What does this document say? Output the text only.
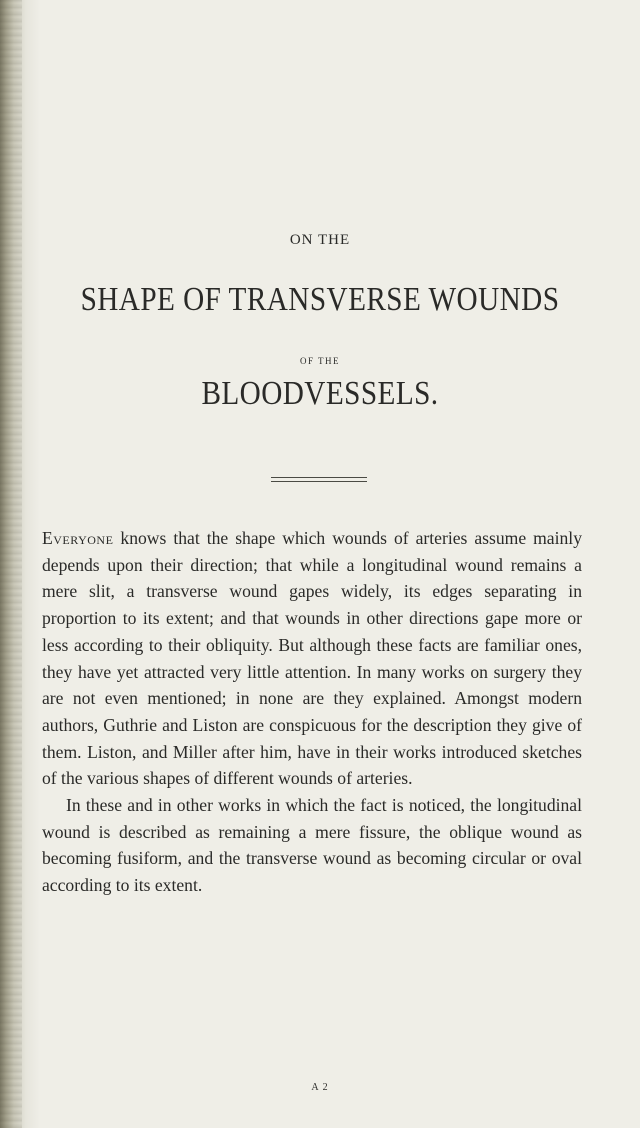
ON THE
SHAPE OF TRANSVERSE WOUNDS
OF THE
BLOODVESSELS.

Everyone knows that the shape which wounds of arteries assume mainly depends upon their direction; that while a longitudinal wound remains a mere slit, a transverse wound gapes widely, its edges separating in proportion to its extent; and that wounds in other directions gape more or less according to their obliquity. But although these facts are familiar ones, they have yet attracted very little attention. In many works on surgery they are not even mentioned; in none are they explained. Amongst modern authors, Guthrie and Liston are conspicuous for the description they give of them. Liston, and Miller after him, have in their works introduced sketches of the various shapes of different wounds of arteries.

In these and in other works in which the fact is noticed, the longitudinal wound is described as remaining a mere fissure, the oblique wound as becoming fusiform, and the transverse wound as becoming circular or oval according to its extent.

A 2
